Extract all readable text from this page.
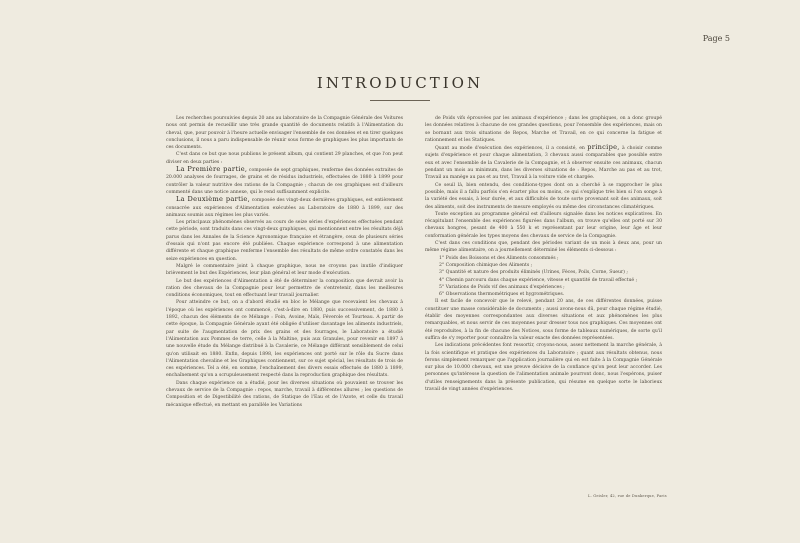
Page 5
INTRODUCTION

Les recherches poursuivies depuis 20 ans au laboratoire de la Compagnie Générale des Voitures nous ont permis de recueillir une très grande quantité de documents relatifs à l'Alimentation du cheval, que, pour pouvoir à l'heure actuelle envisager l'ensemble de ces données et en tirer quelques conclusions, il nous a paru indispensable de réunir sous forme de graphiques les plus importants de ces documents.

C'est dans ce but que nous publions le présent album, qui contient 29 planches, et que l'on peut diviser en deux parties :

La Première partie, composée de sept graphiques, renferme des données extraites de 20.000 analyses de fourrages, de grains et de résidus industriels, effectuées de 1880 à 1899 pour contrôler la valeur nutritive des rations de la Compagnie ; chacun de ces graphiques est d'ailleurs commenté dans une notice annexe, qui le rend suffisamment explicite.

La Deuxième partie, composée des vingt-deux dernières graphiques, est entièrement consacrée aux expériences d'Alimentation exécutées au Laboratoire de 1880 à 1899, sur des animaux soumis aux régimes les plus variés.

Les principaux phénomènes observés au cours de seize séries d'expériences effectuées pendant cette période, sont traduits dans ces vingt-deux graphiques, qui mentionnent entre les résultats déjà parus dans les Annales de la Science Agronomique française et étrangère, ceux de plusieurs séries d'essais qui n'ont pas encore été publiées. Chaque expérience correspond à une alimentation différente et chaque graphique renferme l'ensemble des résultats de même ordre constatés dans les seize expériences en question.

Malgré le commentaire joint à chaque graphique, nous ne croyons pas inutile d'indiquer brièvement le but des Expériences, leur plan général et leur mode d'exécution.

Le but des expériences d'Alimentation a été de déterminer la composition que devrait avoir la ration des chevaux de la Compagnie pour leur permettre de s'entretenir, dans les meilleures conditions économiques, tout en effectuant leur travail journalier.

Pour atteindre ce but, on a d'abord étudié en bloc le Mélange que recevaient les chevaux à l'époque où les expériences ont commencé, c'est-à-dire en 1880, puis successivement, de 1880 à 1892, chacun des éléments de ce Mélange : Foin, Avoine, Maïs, Féverole et Tourteau. A partir de cette époque, la Compagnie Générale ayant été obligée d'utiliser davantage les aliments industriels, par suite de l'augmentation de prix des grains et des fourrages, le Laboratoire a étudié l'Alimentation aux Pommes de terre, celle à la Maltine, puis aux Granules, pour revenir en 1897 à une nouvelle étude du Mélange distribué à la Cavalerie, ce Mélange différant sensiblement de celui qu'on utilisait en 1880. Enfin, depuis 1898, les expériences ont porté sur le rôle du Sucre dans l'Alimentation chevaline et les Graphiques contiennent, sur ce sujet spécial, les résultats de trois de ces expériences. Tel a été, en somme, l'enchaînement des divers essais effectués de 1880 à 1899, enchaînement qu'on a scrupuleusement respecté dans la reproduction graphique des résultats.

Dans chaque expérience on a étudié, pour les diverses situations où pouvaient se trouver les chevaux de service de la Compagnie : repos, marche, travail à différentes allures ; les questions de Composition et de Digestibilité des rations, de Statique de l'Eau et de l'Azote, et celle du travail mécanique effectué, en mettant en parallèle les Variations

de Poids vifs éprouvées par les animaux d'expérience ; dans les graphiques, on a donc groupé les données relatives à chacune de ces grandes questions, pour l'ensemble des expériences, mais on se bornant aux trois situations de Repos, Marche et Travail, en ce qui concerne la fatigue et rationnement et les Statiques.

Quant au mode d'exécution des expériences, il a consisté, en principe, à choisir comme sujets d'expérience et pour chaque alimentation, 3 chevaux aussi comparables que possible entre eux et avec l'ensemble de la Cavalerie de la Compagnie, et à observer ensuite ces animaux, chacun pendant un mois au minimum, dans les diverses situations de : Repos, Marche au pas et au trot, Travail au manège au pas et au trot, Travail à la voiture vide et chargée.

Ce seuil là, bien entendu, des conditions-types dont on a cherché à se rapprocher le plus possible, mais il a fallu parfois s'en écarter plus ou moins, ce qui s'explique très bien si l'on songe à la variété des essais, à leur durée, et aux difficultés de toute sorte provenant soit des animaux, soit des aliments, soit des instruments de mesure employés ou même des circonstances climatériques.

Toute exception au programme général est d'ailleurs signalée dans les notices explicatives. En récapitulant l'ensemble des expériences figurées dans l'album, on trouve qu'elles ont porté sur 30 chevaux hongres, pesant de 400 à 550 k et représentant par leur origine, leur âge et leur conformation générale les types moyens des chevaux de service de la Compagnie.

C'est dans ces conditions que, pendant des périodes variant de un mois à deux ans, pour un même régime alimentaire, on a journellement déterminé les éléments ci-dessous :

1° Poids des Boissons et des Aliments consommés ;
2° Composition chimique des Aliments ;
3° Quantité et nature des produits éliminés (Urines, Fèces, Poils, Corne, Sueur) ;
4° Chemin parcouru dans chaque expérience, vitesse et quantité de travail effectué ;
5° Variations de Poids vif des animaux d'expériences ;
6° Observations thermométriques et hygrométriques.

Il est facile de concevoir que le relevé, pendant 20 ans, de ces différentes données, puisse constituer une masse considérable de documents ; aussi avons-nous dû, pour chaque régime étudié, établir des moyennes correspondantes aux diverses situations et aux phénomènes les plus remarquables, et nous servir de ces moyennes pour dresser tous nos graphiques. Ces moyennes ont été reproduites, à la fin de chacune des Notices, sous forme de tableaux numériques, de sorte qu'il suffira de s'y reporter pour connaître la valeur exacte des données représentées.

Les indications précédentes font ressortir, croyons-nous, assez nettement la marche générale, à la fois scientifique et pratique des expériences du Laboratoire ; quant aux résultats obtenus, nous ferons simplement remarquer que l'application journalière qui en est faite à la Compagnie Générale sur plus de 10.000 chevaux, est une preuve décisive de la confiance qu'on peut leur accorder. Les personnes qu'intéresse la question de l'alimentation animale pourront donc, nous l'espérons, puiser d'utiles renseignements dans la présente publication, qui résume en quelque sorte le laborieux travail de vingt années d'expériences.

L. Geisler, 42, rue de Dunkerque, Paris
